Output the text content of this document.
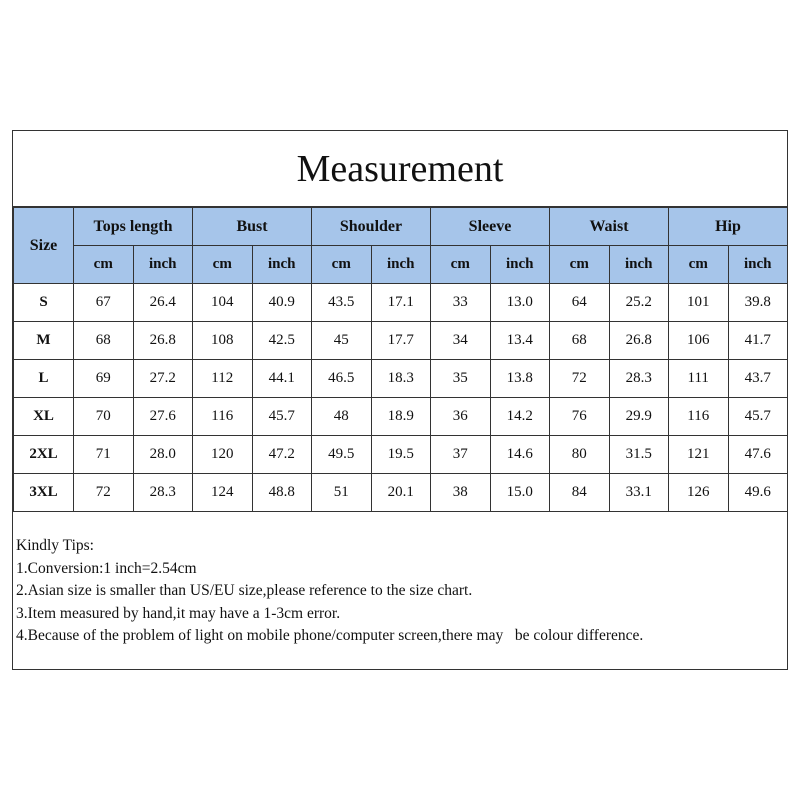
Measurement
Size	Tops length		Bust		Shoulder		Sleeve		Waist		Hip	
	cm	inch	cm	inch	cm	inch	cm	inch	cm	inch	cm	inch
S	67	26.4	104	40.9	43.5	17.1	33	13.0	64	25.2	101	39.8
M	68	26.8	108	42.5	45	17.7	34	13.4	68	26.8	106	41.7
L	69	27.2	112	44.1	46.5	18.3	35	13.8	72	28.3	111	43.7
XL	70	27.6	116	45.7	48	18.9	36	14.2	76	29.9	116	45.7
2XL	71	28.0	120	47.2	49.5	19.5	37	14.6	80	31.5	121	47.6
3XL	72	28.3	124	48.8	51	20.1	38	15.0	84	33.1	126	49.6
Kindly Tips:
1.Conversion:1 inch=2.54cm
2.Asian size is smaller than US/EU size,please reference to the size chart.
3.Item measured by hand,it may have a 1-3cm error.
4.Because of the problem of light on mobile phone/computer screen,there may   be colour difference.
